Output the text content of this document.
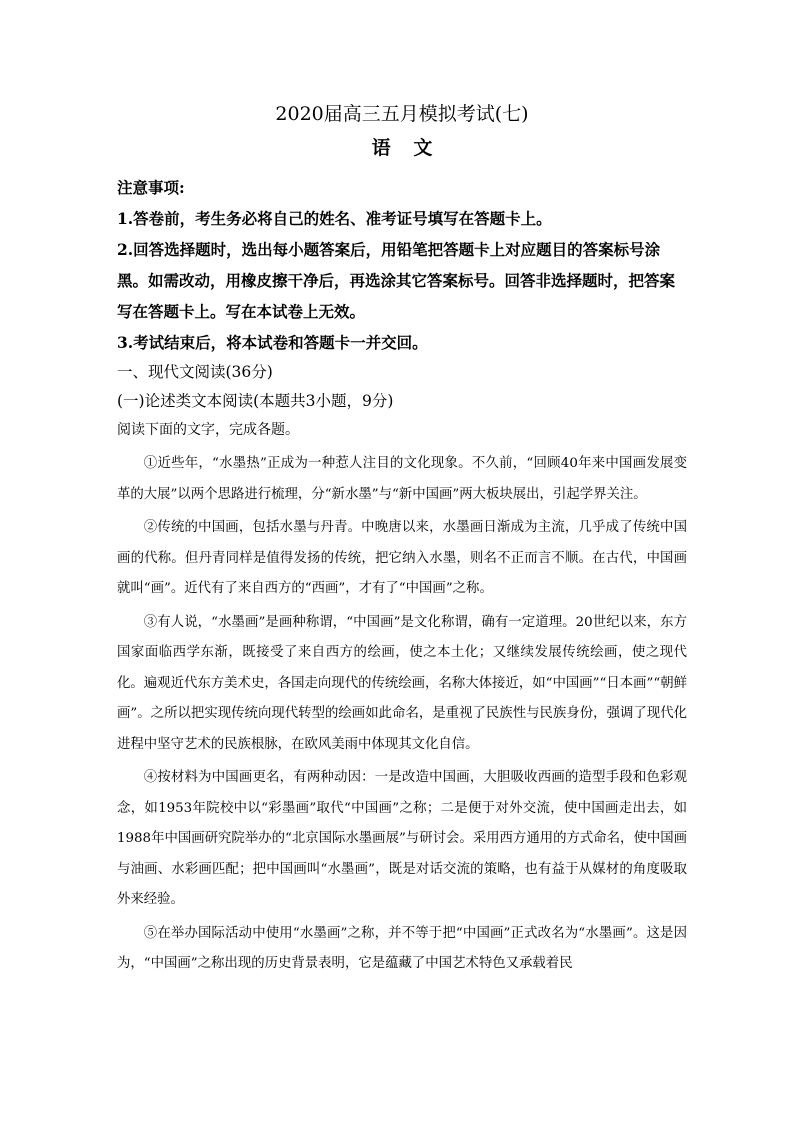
2020届高三五月模拟考试(七)
语文

注意事项:

1.答卷前，考生务必将自己的姓名、准考证号填写在答题卡上。

2.回答选择题时，选出每小题答案后，用铅笔把答题卡上对应题目的答案标号涂黑。如需改动，用橡皮擦干净后，再选涂其它答案标号。回答非选择题时，把答案写在答题卡上。写在本试卷上无效。

3.考试结束后，将本试卷和答题卡一并交回。

一、现代文阅读(36分)

(一)论述类文本阅读(本题共3小题，9分)

阅读下面的文字，完成各题。

①近些年，“水墨热”正成为一种惹人注目的文化现象。不久前，“回顾40年来中国画发展变革的大展”以两个思路进行梳理，分“新水墨”与“新中国画”两大板块展出，引起学界关注。

②传统的中国画，包括水墨与丹青。中晚唐以来，水墨画日渐成为主流，几乎成了传统中国画的代称。但丹青同样是值得发扬的传统，把它纳入水墨，则名不正而言不顺。在古代，中国画就叫“画”。近代有了来自西方的“西画”，才有了“中国画”之称。

③有人说，“水墨画”是画种称谓，“中国画”是文化称谓，确有一定道理。20世纪以来，东方国家面临西学东渐，既接受了来自西方的绘画，使之本土化；又继续发展传统绘画，使之现代化。遍观近代东方美术史，各国走向现代的传统绘画，名称大体接近，如“中国画”“日本画”“朝鲜画”。之所以把实现传统向现代转型的绘画如此命名，是重视了民族性与民族身份，强调了现代化进程中坚守艺术的民族根脉，在欧风美雨中体现其文化自信。

④按材料为中国画更名，有两种动因：一是改造中国画，大胆吸收西画的造型手段和色彩观念，如1953年院校中以“彩墨画”取代“中国画”之称；二是便于对外交流，使中国画走出去，如1988年中国画研究院举办的“北京国际水墨画展”与研讨会。采用西方通用的方式命名，使中国画与油画、水彩画匹配；把中国画叫“水墨画”，既是对话交流的策略，也有益于从媒材的角度吸取外来经验。

⑤在举办国际活动中使用“水墨画”之称，并不等于把“中国画”正式改名为“水墨画”。这是因为，“中国画”之称出现的历史背景表明，它是蕴藏了中国艺术特色又承载着民
